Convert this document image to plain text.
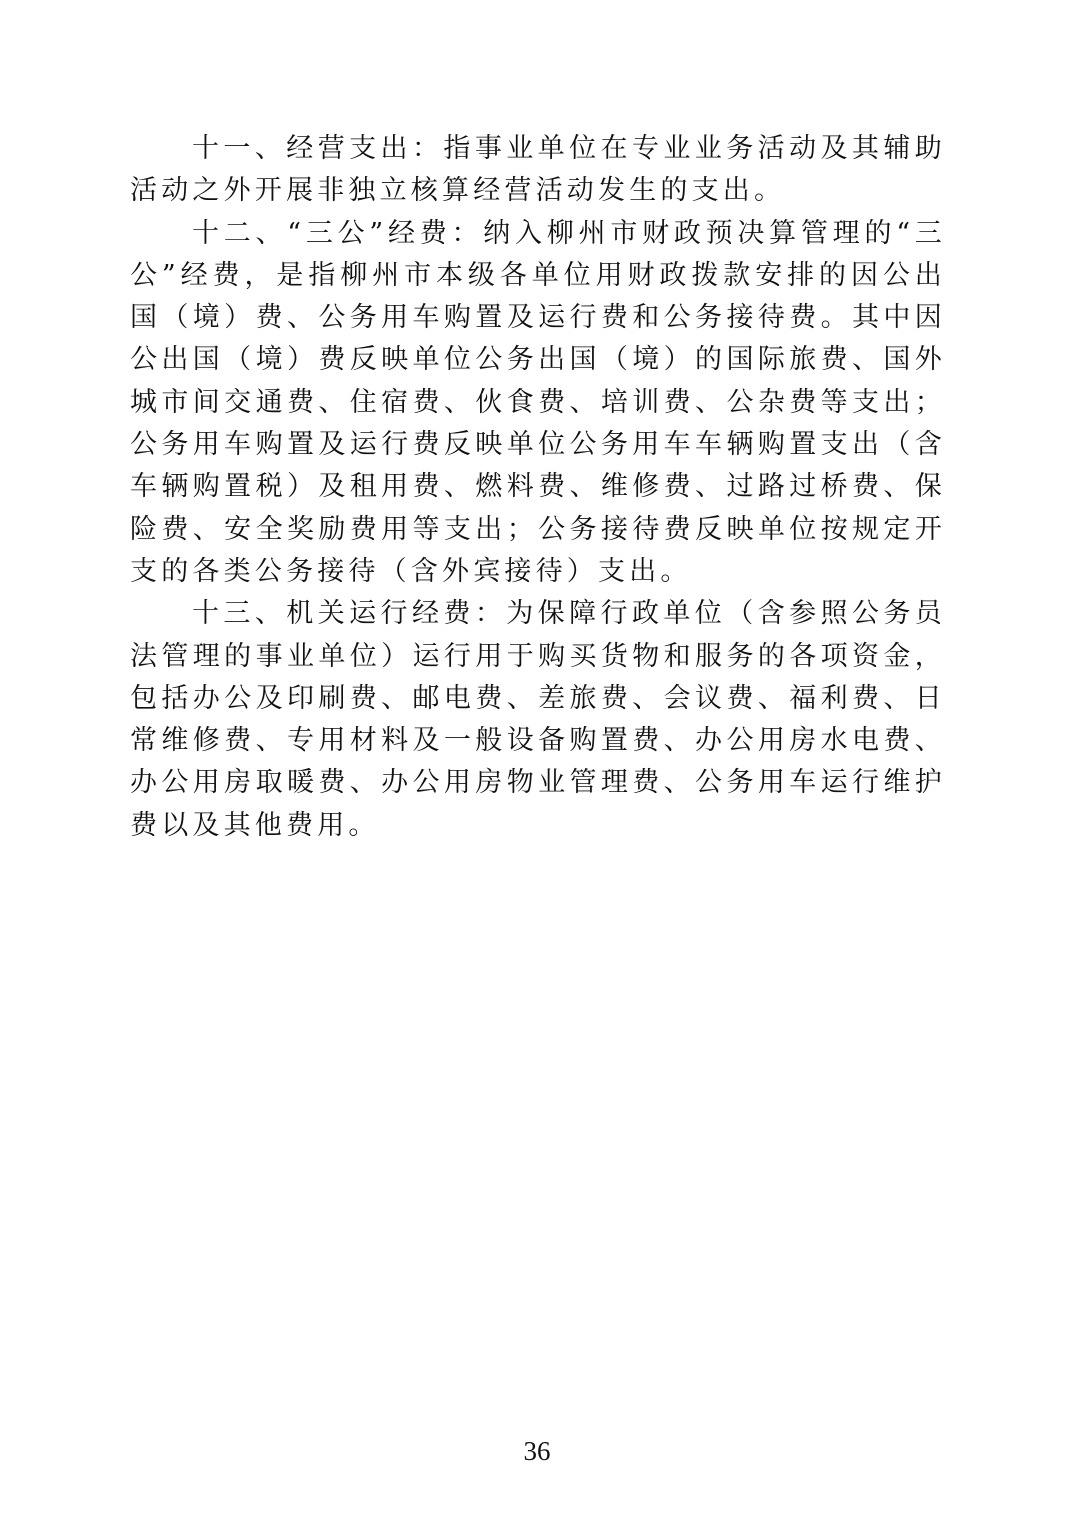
十一、经营支出：指事业单位在专业业务活动及其辅助活动之外开展非独立核算经营活动发生的支出。

十二、“三公”经费：纳入柳州市财政预决算管理的“三公”经费，是指柳州市本级各单位用财政拨款安排的因公出国（境）费、公务用车购置及运行费和公务接待费。其中因公出国（境）费反映单位公务出国（境）的国际旅费、国外城市间交通费、住宿费、伙食费、培训费、公杂费等支出；公务用车购置及运行费反映单位公务用车车辆购置支出（含车辆购置税）及租用费、燃料费、维修费、过路过桥费、保险费、安全奖励费用等支出；公务接待费反映单位按规定开支的各类公务接待（含外宾接待）支出。

十三、机关运行经费：为保障行政单位（含参照公务员法管理的事业单位）运行用于购买货物和服务的各项资金，包括办公及印刷费、邮电费、差旅费、会议费、福利费、日常维修费、专用材料及一般设备购置费、办公用房水电费、办公用房取暖费、办公用房物业管理费、公务用车运行维护费以及其他费用。

36
